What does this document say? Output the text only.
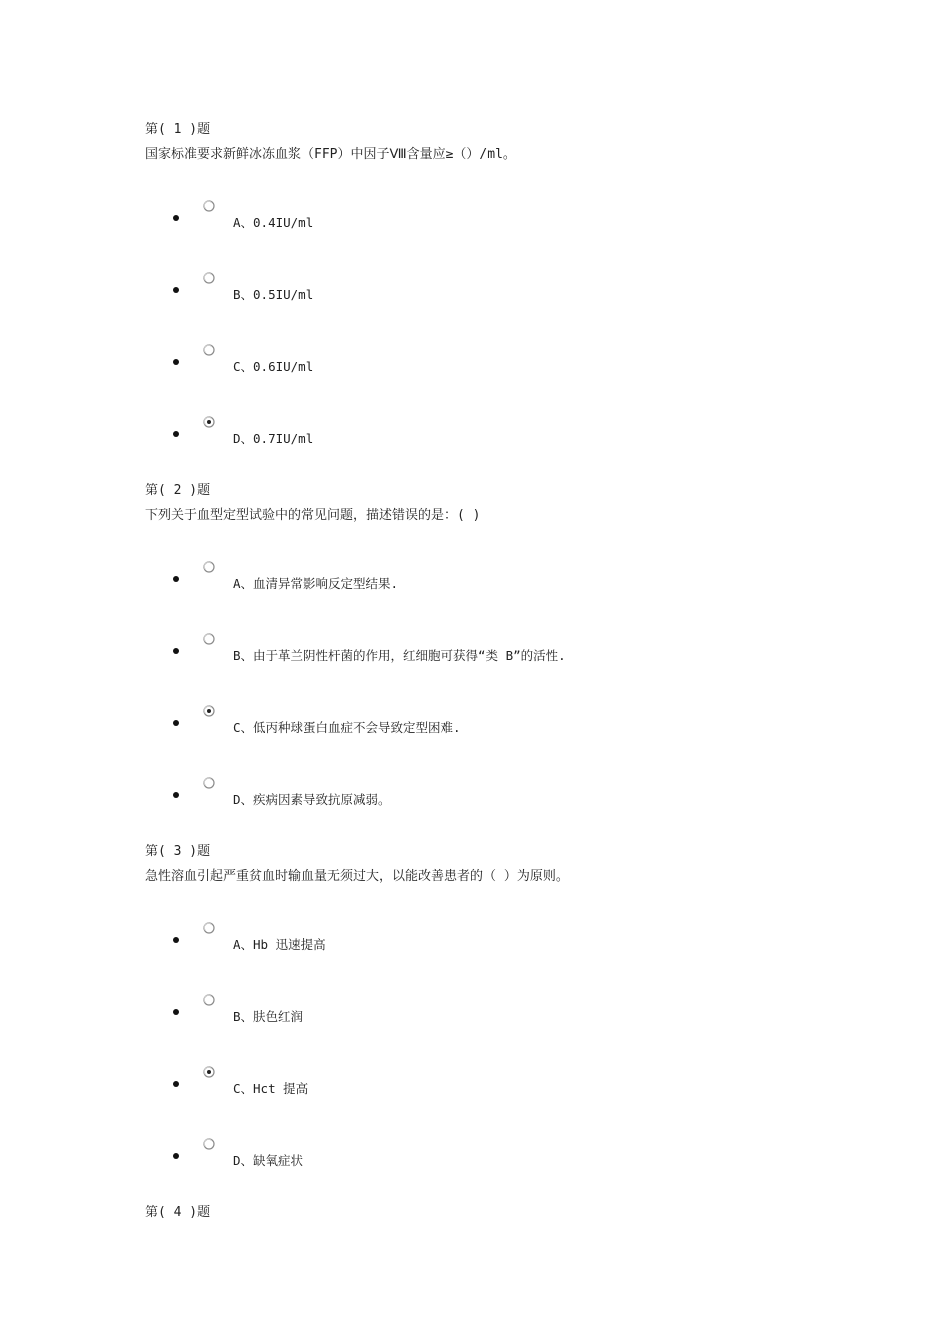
第( 1 )题
国家标准要求新鲜冰冻血浆（FFP）中因子Ⅷ含量应≥（）/ml。
A、0.4IU/ml
B、0.5IU/ml
C、0.6IU/ml
D、0.7IU/ml
第( 2 )题
下列关于血型定型试验中的常见问题，描述错误的是：( )
A、血清异常影响反定型结果.
B、由于革兰阴性杆菌的作用，红细胞可获得“类 B”的活性.
C、低丙种球蛋白血症不会导致定型困难.
D、疾病因素导致抗原减弱。
第( 3 )题
急性溶血引起严重贫血时输血量无须过大，以能改善患者的（ ）为原则。
A、Hb 迅速提高
B、肤色红润
C、Hct 提高
D、缺氧症状
第( 4 )题
